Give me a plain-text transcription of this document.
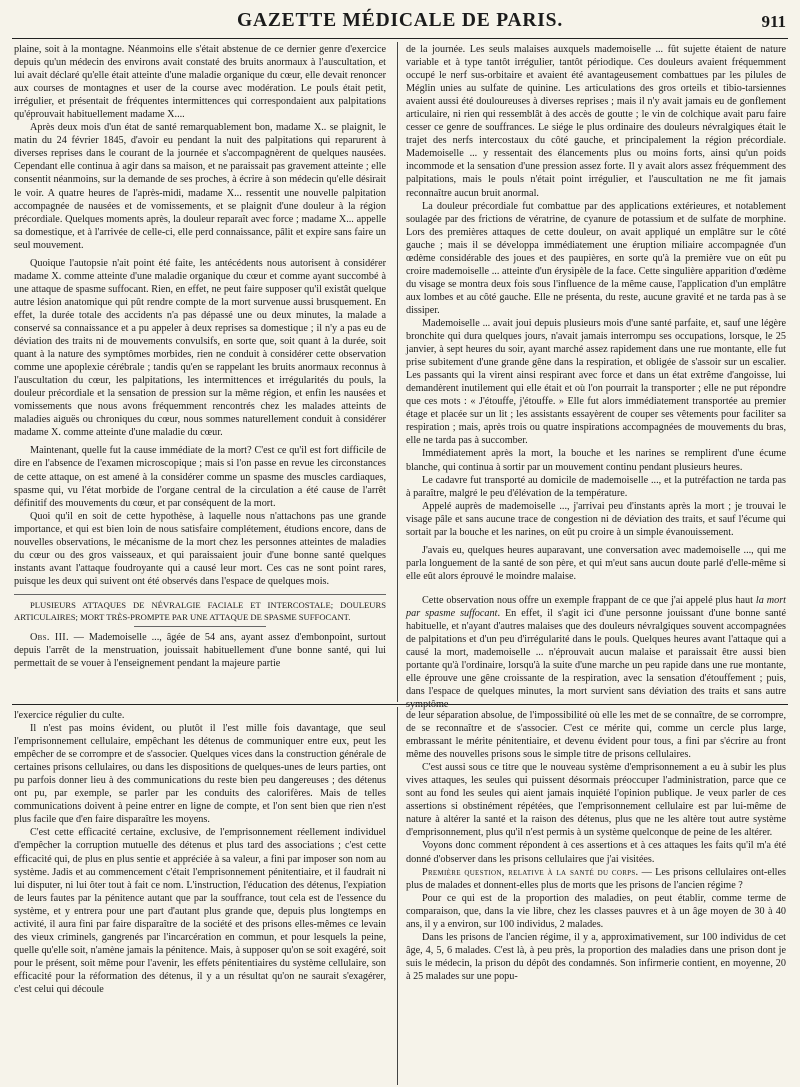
GAZETTE MÉDICALE DE PARIS.	911

plaine, soit à la montagne. Néanmoins elle s'était abstenue de ce dernier genre d'exercice depuis qu'un médecin des environs avait constaté des bruits anormaux à l'auscultation, et lui avait déclaré qu'elle était atteinte d'une maladie organique du cœur, elle devait renoncer aux courses de montagnes et user de la course avec modération. Le pouls était petit, irrégulier, et présentait de fréquentes intermittences qui correspondaient aux palpitations qu'éprouvait habituellement madame X....

Après deux mois d'un état de santé remarquablement bon, madame X.. se plaignit, le matin du 24 février 1845, d'avoir eu pendant la nuit des palpitations qui reparurent à diverses reprises dans le courant de la journée et s'accompagnèrent de quelques nausées. Cependant elle continua à agir dans sa maison, et ne paraissait pas gravement atteinte ; elle consentit néanmoins, sur la demande de ses proches, à écrire à son médecin qu'elle désirait le voir. A quatre heures de l'après-midi, madame X... ressentit une nouvelle palpitation accompagnée de nausées et de vomissements, et se plaignit d'une douleur à la région précordiale. Quelques moments après, la douleur reparaît avec force ; madame X... appelle sa domestique, et à l'arrivée de celle-ci, elle perd connaissance, pâlit et expire sans faire un seul mouvement.

Quoique l'autopsie n'ait point été faite, les antécédents nous autorisent à considérer madame X. comme atteinte d'une maladie organique du cœur et comme ayant succombé à une attaque de spasme suffocant. Rien, en effet, ne peut faire supposer qu'il existât quelque autre lésion anatomique qui pût rendre compte de la mort survenue aussi brusquement. En effet, la durée totale des accidents n'a pas dépassé une ou deux minutes, la malade a conservé sa connaissance et a pu appeler à deux reprises sa domestique ; il n'y a pas eu de déviation des traits ni de mouvements convulsifs, en sorte que, soit quant à la durée, soit quant à la nature des symptômes morbides, rien ne conduit à considérer cette observation comme une apoplexie cérébrale ; tandis qu'en se rappelant les bruits anormaux reconnus à l'auscultation du cœur, les palpitations, les intermittences et irrégularités du pouls, la douleur précordiale et la sensation de pression sur la même région, et enfin les nausées et vomissements que nous avons fréquemment rencontrés chez les malades atteints de maladies aiguës ou chroniques du cœur, nous sommes naturellement conduit à considérer madame X. comme atteinte d'une maladie du cœur.

Maintenant, quelle fut la cause immédiate de la mort? C'est ce qu'il est fort difficile de dire en l'absence de l'examen microscopique ; mais si l'on passe en revue les circonstances de cette attaque, on est amené à la considérer comme un spasme des muscles cardiaques, spasme qui, vu l'état morbide de l'organe central de la circulation a été cause de l'arrêt définitif des mouvements du cœur, et par conséquent de la mort.

Quoi qu'il en soit de cette hypothèse, à laquelle nous n'attachons pas une grande importance, et qui est bien loin de nous satisfaire complétement, étudions encore, dans de nouvelles observations, le mécanisme de la mort chez les personnes atteintes de maladies du cœur ou des gros vaisseaux, et qui paraissaient jouir d'une bonne santé quelques instants avant l'attaque foudroyante qui a causé leur mort. Ces cas ne sont point rares, puisque les deux qui suivent ont été observés dans l'espace de quelques mois.

PLUSIEURS ATTAQUES DE NÉVRALGIE FACIALE ET INTERCOSTALE; DOULEURS ARTICULAIRES; MORT TRÈS-PROMPTE PAR UNE ATTAQUE DE SPASME SUFFOCANT.

Obs. III. — Mademoiselle ..., âgée de 54 ans, ayant assez d'embonpoint, surtout depuis l'arrêt de la menstruation, jouissait habituellement d'une bonne santé, qui lui permettait de se vouer à l'enseignement pendant la majeure partie

de la journée. Les seuls malaises auxquels mademoiselle ... fût sujette étaient de nature variable et à type tantôt irrégulier, tantôt périodique. Ces douleurs avaient fréquemment occupé le nerf sus-orbitaire et avaient été avantageusement combattues par les pilules de Méglin unies au sulfate de quinine. Les articulations des gros orteils et tibio-tarsiennes avaient aussi été douloureuses à diverses reprises ; mais il n'y avait jamais eu de gonflement articulaire, ni rien qui ressemblât à des accès de goutte ; le vin de colchique avait paru faire cesser ce genre de souffrances. Le siége le plus ordinaire des douleurs névralgiques était le trajet des nerfs intercostaux du côté gauche, et principalement la région précordiale. Mademoiselle ... y ressentait des élancements plus ou moins forts, ainsi qu'un poids incommode et la sensation d'une pression assez forte. Il y avait alors assez fréquemment des palpitations, mais le pouls n'était point irrégulier, et l'auscultation ne me fit jamais reconnaître aucun bruit anormal.

La douleur précordiale fut combattue par des applications extérieures, et notablement soulagée par des frictions de vératrine, de cyanure de potassium et de sulfate de morphine. Lors des premières attaques de cette douleur, on avait appliqué un emplâtre sur le côté gauche ; mais il se développa immédiatement une éruption miliaire accompagnée d'un œdème considérable des joues et des paupières, en sorte qu'à la première vue on eût pu croire mademoiselle ... atteinte d'un érysipèle de la face. Cette singulière apparition d'œdème du visage se montra deux fois sous l'influence de la même cause, l'application d'un emplâtre aux lombes et au côté gauche. Elle ne présenta, du reste, aucune gravité et ne tarda pas à se dissiper.

Mademoiselle ... avait joui depuis plusieurs mois d'une santé parfaite, et, sauf une légère bronchite qui dura quelques jours, n'avait jamais interrompu ses occupations, lorsque, le 25 janvier, à sept heures du soir, ayant marché assez rapidement dans une rue montante, elle fut prise subitement d'une grande gêne dans la respiration, et obligée de s'assoir sur un escalier. Les passants qui la virent ainsi respirant avec force et dans un état extrême d'angoisse, lui demandèrent inutilement qui elle était et où l'on pourrait la transporter ; elle ne put répondre que ces mots : « J'étouffe, j'étouffe. » Elle fut alors immédiatement transportée au premier étage et placée sur un lit ; les assistants essayèrent de couper ses vêtements pour faciliter sa respiration ; mais, après trois ou quatre inspirations accompagnées de mouvements du bras, elle ne tarda pas à succomber.

Immédiatement après la mort, la bouche et les narines se remplirent d'une écume blanche, qui continua à sortir par un mouvement continu pendant plusieurs heures.

Le cadavre fut transporté au domicile de mademoiselle ..., et la putréfaction ne tarda pas à paraître, malgré le peu d'élévation de la température.

Appelé auprès de mademoiselle ..., j'arrivai peu d'instants après la mort ; je trouvai le visage pâle et sans aucune trace de congestion ni de déviation des traits, et sauf l'écume qui sortait par la bouche et les narines, on eût pu croire à un simple évanouissement.

J'avais eu, quelques heures auparavant, une conversation avec mademoiselle ..., qui me parla longuement de la santé de son père, et qui m'eut sans aucun doute parlé d'elle-même si elle eût alors éprouvé le moindre malaise.

Cette observation nous offre un exemple frappant de ce que j'ai appelé plus haut la mort par spasme suffocant. En effet, il s'agit ici d'une personne jouissant d'une bonne santé habituelle, et n'ayant d'autres malaises que des douleurs névralgiques souvent accompagnées de palpitations et d'un peu d'irrégularité dans le pouls. Quelques heures avant l'attaque qui a causé la mort, mademoiselle ... n'éprouvait aucun malaise et paraissait être aussi bien portante qu'à l'ordinaire, lorsqu'à la suite d'une marche un peu rapide dans une rue montante, elle éprouve une gêne croissante de la respiration, avec la sensation d'étouffement ; puis, dans l'espace de quelques minutes, la mort survient sans déviation des traits et sans autre symptôme

l'exercice régulier du culte.

Il n'est pas moins évident, ou plutôt il l'est mille fois davantage, que seul l'emprisonnement cellulaire, empêchant les détenus de communiquer entre eux, peut les empêcher de se corrompre et de s'associer. Quelques vices dans la construction générale de certaines prisons cellulaires, ou dans les dispositions de quelques-unes de leurs parties, ont pu parfois donner lieu à des communications du reste bien peu dangereuses ; des détenus ont pu, par exemple, se parler par les conduits des calorifères. Mais de telles communications doivent à peine entrer en ligne de compte, et l'on sent bien que rien n'est plus facile que d'en faire disparaître les moyens.

C'est cette efficacité certaine, exclusive, de l'emprisonnement réellement individuel d'empêcher la corruption mutuelle des détenus et plus tard des associations ; c'est cette efficacité qui, de plus en plus sentie et appréciée à sa valeur, a fini par imposer son nom au système. Jadis et au commencement c'était l'emprisonnement pénitentiaire, et il faudrait ni lui disputer, ni lui ôter tout à fait ce nom. L'instruction, l'éducation des détenus, l'expiation de leurs fautes par la pénitence autant que par la souffrance, tout cela est de l'essence du système, et y entrera pour une part d'autant plus grande que, depuis plus longtemps en activité, il aura fini par faire disparaître de la société et des prisons elles-mêmes ce levain des vieux criminels, gangrenés par l'incarcération en commun, et pour lesquels la peine, quelle qu'elle soit, n'amène jamais la pénitence. Mais, à supposer qu'on se soit exagéré, soit pour le présent, soit même pour l'avenir, les effets pénitentiaires du système cellulaire, son efficacité pour la réformation des détenus, il y a un résultat qu'on ne saurait s'exagérer, c'est celui qui découle

de leur séparation absolue, de l'impossibilité où elle les met de se connaître, de se corrompre, de se reconnaître et de s'associer. C'est ce mérite qui, comme un cercle plus large, embrassant le mérite pénitentiaire, et devenu évident pour tous, a fini par s'écrire au front même des nouvelles prisons sous le simple titre de prisons cellulaires.

C'est aussi sous ce titre que le nouveau système d'emprisonnement a eu à subir les plus vives attaques, les seules qui puissent désormais préoccuper l'administration, parce que ce sont au fond les seules qui aient jamais inquiété l'opinion publique. Je veux parler de ces assertions si obstinément répétées, que l'emprisonnement cellulaire est par lui-même de nature à altérer la santé et la raison des détenus, plus que ne les altère tout autre système d'emprisonnement, plus qu'il n'est permis à un système quelconque de peine de les altérer.

Voyons donc comment répondent à ces assertions et à ces attaques les faits qu'il m'a été donné d'observer dans les prisons cellulaires que j'ai visitées.

Première question, relative à la santé du corps. — Les prisons cellulaires ont-elles plus de malades et donnent-elles plus de morts que les prisons de l'ancien régime ?

Pour ce qui est de la proportion des maladies, on peut établir, comme terme de comparaison, que, dans la vie libre, chez les classes pauvres et à un âge moyen de 30 à 40 ans, il y a environ, sur 100 individus, 2 malades.

Dans les prisons de l'ancien régime, il y a, approximativement, sur 100 individus de cet âge, 4, 5, 6 malades. C'est là, à peu près, la proportion des maladies dans une prison dont je suis le médecin, la prison du dépôt des condamnés. Son infirmerie contient, en moyenne, 20 à 25 malades sur une popu-
